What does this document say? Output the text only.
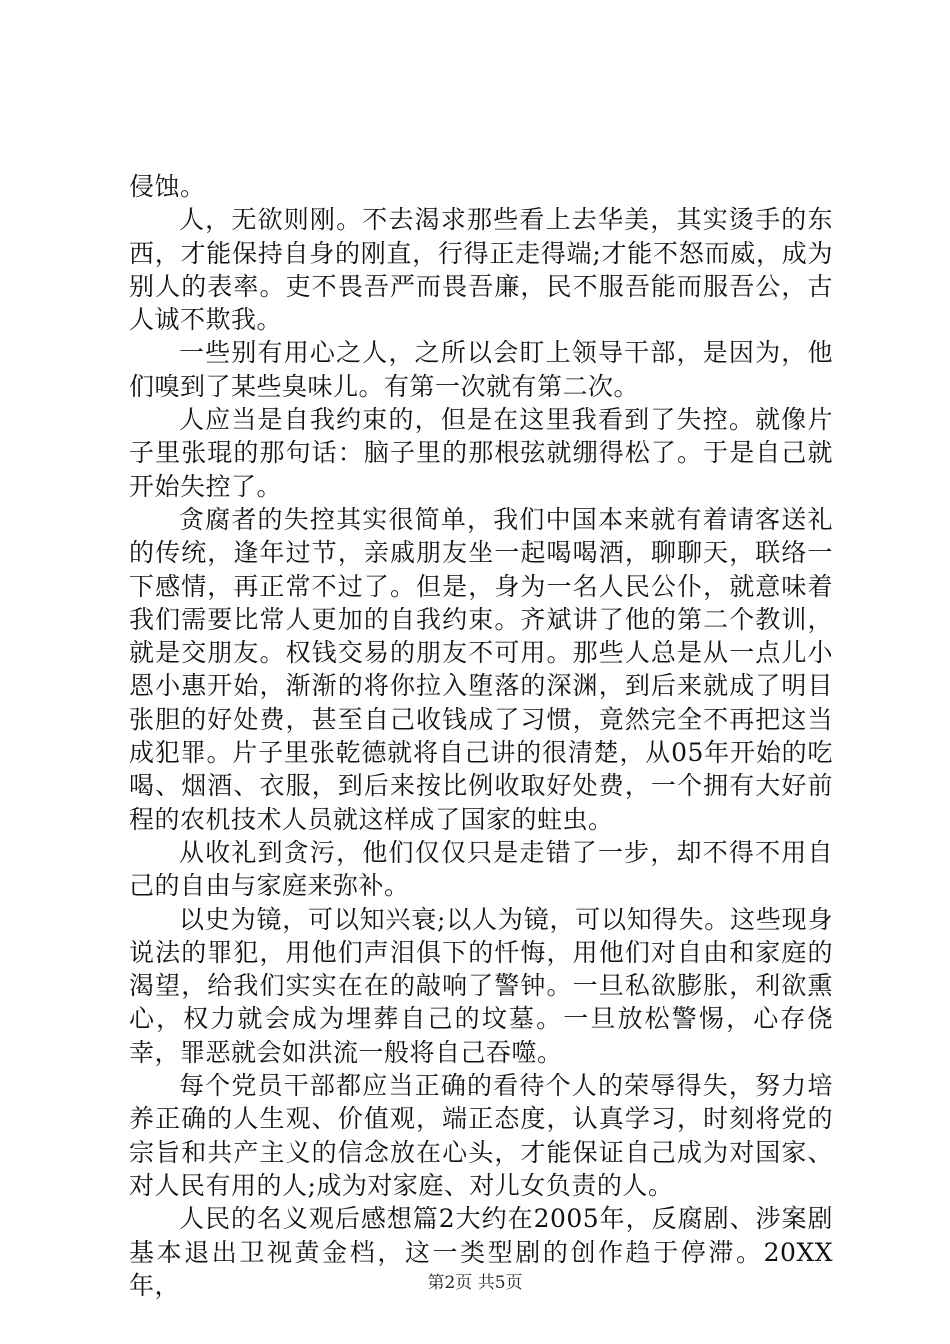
侵蚀。

人，无欲则刚。不去渴求那些看上去华美，其实烫手的东西，才能保持自身的刚直，行得正走得端;才能不怒而威，成为别人的表率。吏不畏吾严而畏吾廉，民不服吾能而服吾公，古人诚不欺我。

一些别有用心之人，之所以会盯上领导干部，是因为，他们嗅到了某些臭味儿。有第一次就有第二次。

人应当是自我约束的，但是在这里我看到了失控。就像片子里张琨的那句话：脑子里的那根弦就绷得松了。于是自己就开始失控了。

贪腐者的失控其实很简单，我们中国本来就有着请客送礼的传统，逢年过节，亲戚朋友坐一起喝喝酒，聊聊天，联络一下感情，再正常不过了。但是，身为一名人民公仆，就意味着我们需要比常人更加的自我约束。齐斌讲了他的第二个教训，就是交朋友。权钱交易的朋友不可用。那些人总是从一点儿小恩小惠开始，渐渐的将你拉入堕落的深渊，到后来就成了明目张胆的好处费，甚至自己收钱成了习惯，竟然完全不再把这当成犯罪。片子里张乾德就将自己讲的很清楚，从05年开始的吃喝、烟酒、衣服，到后来按比例收取好处费，一个拥有大好前程的农机技术人员就这样成了国家的蛀虫。

从收礼到贪污，他们仅仅只是走错了一步，却不得不用自己的自由与家庭来弥补。

以史为镜，可以知兴衰;以人为镜，可以知得失。这些现身说法的罪犯，用他们声泪俱下的忏悔，用他们对自由和家庭的渴望，给我们实实在在的敲响了警钟。一旦私欲膨胀，利欲熏心，权力就会成为埋葬自己的坟墓。一旦放松警惕，心存侥幸，罪恶就会如洪流一般将自己吞噬。

每个党员干部都应当正确的看待个人的荣辱得失，努力培养正确的人生观、价值观，端正态度，认真学习，时刻将党的宗旨和共产主义的信念放在心头，才能保证自己成为对国家、对人民有用的人;成为对家庭、对儿女负责的人。

人民的名义观后感想篇2大约在2005年，反腐剧、涉案剧基本退出卫视黄金档，这一类型剧的创作趋于停滞。20XX年，	第2页 共5页
